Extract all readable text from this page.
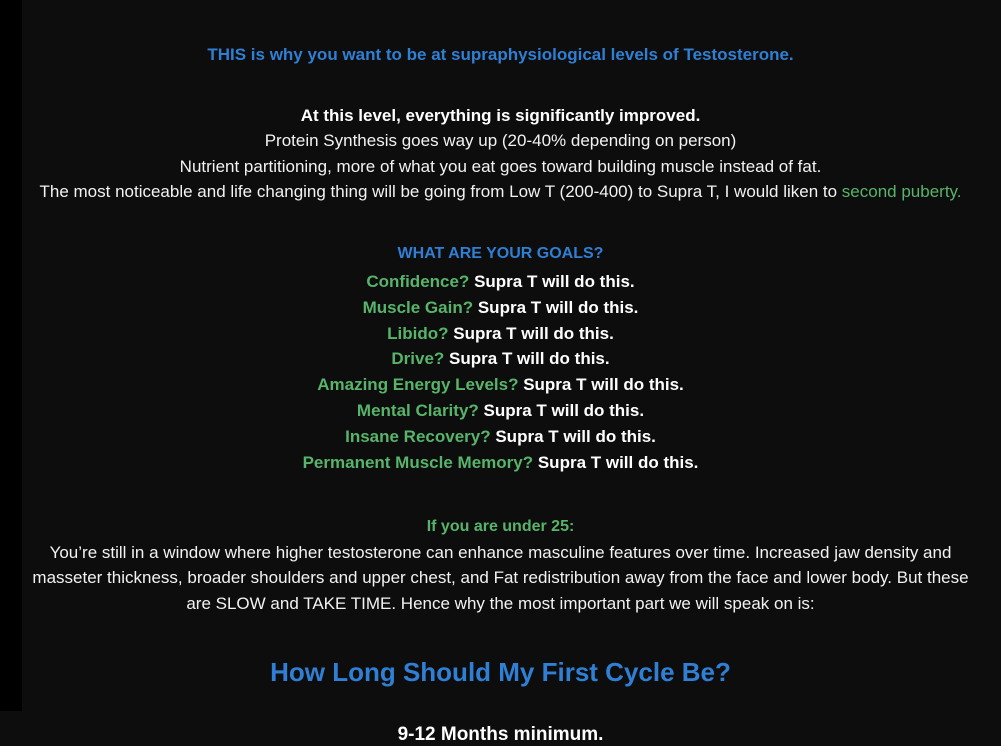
THIS is why you want to be at supraphysiological levels of Testosterone.
At this level, everything is significantly improved.
Protein Synthesis goes way up (20-40% depending on person)
Nutrient partitioning, more of what you eat goes toward building muscle instead of fat.
The most noticeable and life changing thing will be going from Low T (200-400) to Supra T, I would liken to second puberty.
WHAT ARE YOUR GOALS?
Confidence? Supra T will do this.
Muscle Gain? Supra T will do this.
Libido? Supra T will do this.
Drive? Supra T will do this.
Amazing Energy Levels? Supra T will do this.
Mental Clarity? Supra T will do this.
Insane Recovery? Supra T will do this.
Permanent Muscle Memory? Supra T will do this.
If you are under 25:
You’re still in a window where higher testosterone can enhance masculine features over time. Increased jaw density and masseter thickness, broader shoulders and upper chest, and Fat redistribution away from the face and lower body. But these are SLOW and TAKE TIME. Hence why the most important part we will speak on is:
How Long Should My First Cycle Be?
9-12 Months minimum.
